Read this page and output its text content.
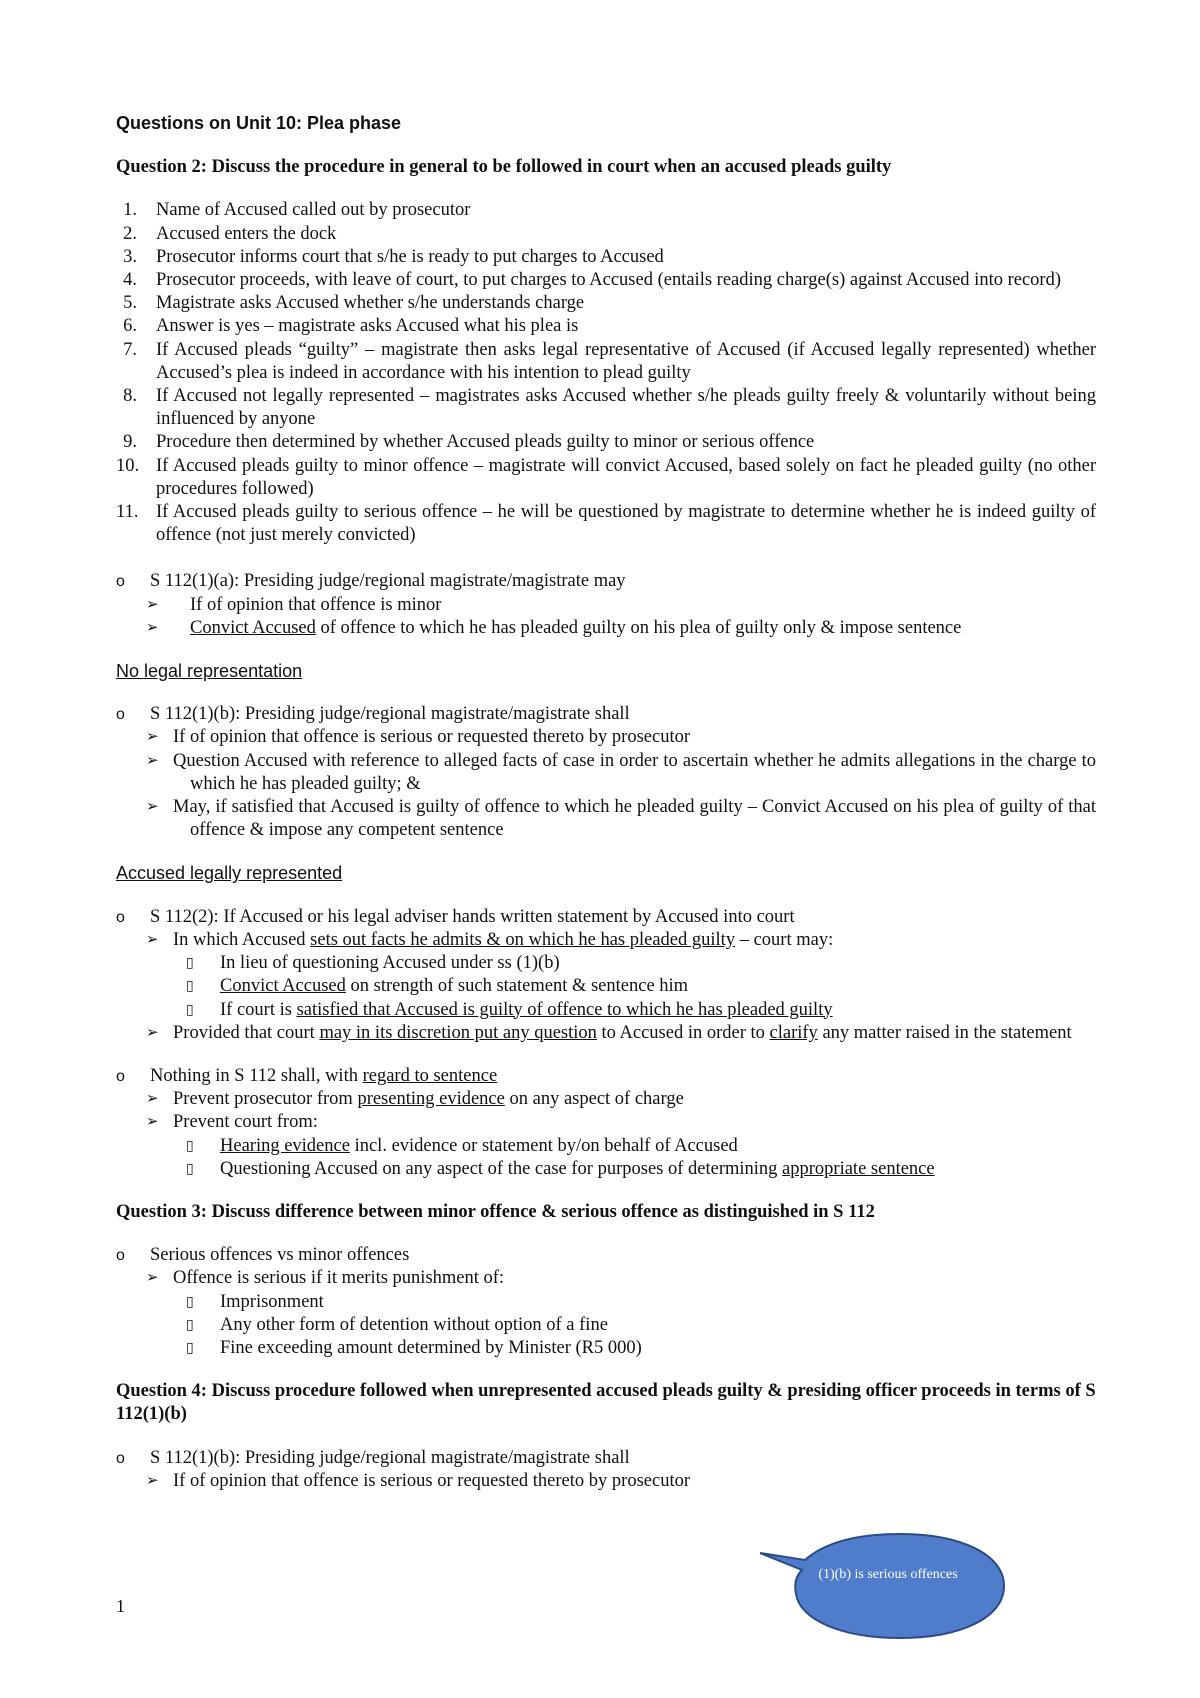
Questions on Unit 10: Plea phase
Question 2: Discuss the procedure in general to be followed in court when an accused pleads guilty
1. Name of Accused called out by prosecutor
2. Accused enters the dock
3. Prosecutor informs court that s/he is ready to put charges to Accused
4. Prosecutor proceeds, with leave of court, to put charges to Accused (entails reading charge(s) against Accused into record)
5. Magistrate asks Accused whether s/he understands charge
6. Answer is yes – magistrate asks Accused what his plea is
7. If Accused pleads “guilty” – magistrate then asks legal representative of Accused (if Accused legally represented) whether Accused’s plea is indeed in accordance with his intention to plead guilty
8. If Accused not legally represented – magistrates asks Accused whether s/he pleads guilty freely & voluntarily without being influenced by anyone
9. Procedure then determined by whether Accused pleads guilty to minor or serious offence
10. If Accused pleads guilty to minor offence – magistrate will convict Accused, based solely on fact he pleaded guilty (no other procedures followed)
11. If Accused pleads guilty to serious offence – he will be questioned by magistrate to determine whether he is indeed guilty of offence (not just merely convicted)
o S 112(1)(a): Presiding judge/regional magistrate/magistrate may
➢ If of opinion that offence is minor
➢ Convict Accused of offence to which he has pleaded guilty on his plea of guilty only & impose sentence
No legal representation
o S 112(1)(b): Presiding judge/regional magistrate/magistrate shall
➢ If of opinion that offence is serious or requested thereto by prosecutor
➢ Question Accused with reference to alleged facts of case in order to ascertain whether he admits allegations in the charge to which he has pleaded guilty; &
➢ May, if satisfied that Accused is guilty of offence to which he pleaded guilty – Convict Accused on his plea of guilty of that offence & impose any competent sentence
Accused legally represented
o S 112(2): If Accused or his legal adviser hands written statement by Accused into court
➢ In which Accused sets out facts he admits & on which he has pleaded guilty – court may:
▯ In lieu of questioning Accused under ss (1)(b)
▯ Convict Accused on strength of such statement & sentence him
▯ If court is satisfied that Accused is guilty of offence to which he has pleaded guilty
➢ Provided that court may in its discretion put any question to Accused in order to clarify any matter raised in the statement
o Nothing in S 112 shall, with regard to sentence
➢ Prevent prosecutor from presenting evidence on any aspect of charge
➢ Prevent court from:
▯ Hearing evidence incl. evidence or statement by/on behalf of Accused
▯ Questioning Accused on any aspect of the case for purposes of determining appropriate sentence
Question 3: Discuss difference between minor offence & serious offence as distinguished in S 112
o Serious offences vs minor offences
➢ Offence is serious if it merits punishment of:
▯ Imprisonment
▯ Any other form of detention without option of a fine
▯ Fine exceeding amount determined by Minister (R5 000)
Question 4: Discuss procedure followed when unrepresented accused pleads guilty & presiding officer proceeds in terms of S 112(1)(b)
o S 112(1)(b): Presiding judge/regional magistrate/magistrate shall
➢ If of opinion that offence is serious or requested thereto by prosecutor
(1)(b) is serious offences
1
